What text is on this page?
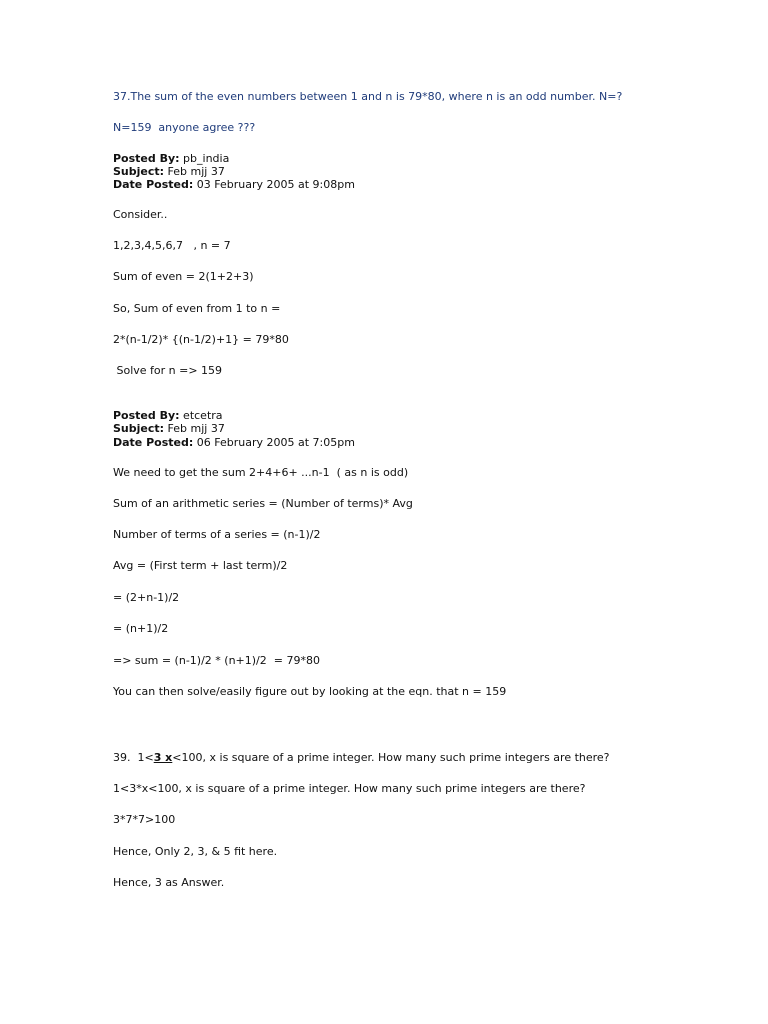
37.The sum of the even numbers between 1 and n is 79*80, where n is an odd number. N=?
N=159  anyone agree ???
Posted By: pb_india
Subject: Feb mjj 37
Date Posted: 03 February 2005 at 9:08pm
Consider..
1,2,3,4,5,6,7   , n = 7
Sum of even = 2(1+2+3)
So, Sum of even from 1 to n =
2*(n-1/2)* {(n-1/2)+1} = 79*80
Solve for n => 159
Posted By: etcetra
Subject: Feb mjj 37
Date Posted: 06 February 2005 at 7:05pm
We need to get the sum 2+4+6+ ...n-1  ( as n is odd)
Sum of an arithmetic series = (Number of terms)* Avg
Number of terms of a series = (n-1)/2
Avg = (First term + last term)/2
= (2+n-1)/2
= (n+1)/2
=> sum = (n-1)/2 * (n+1)/2  = 79*80
You can then solve/easily figure out by looking at the eqn. that n = 159
39.  1<3 x<100, x is square of a prime integer. How many such prime integers are there?
1<3*x<100, x is square of a prime integer. How many such prime integers are there?
3*7*7>100
Hence, Only 2, 3, & 5 fit here.
Hence, 3 as Answer.
